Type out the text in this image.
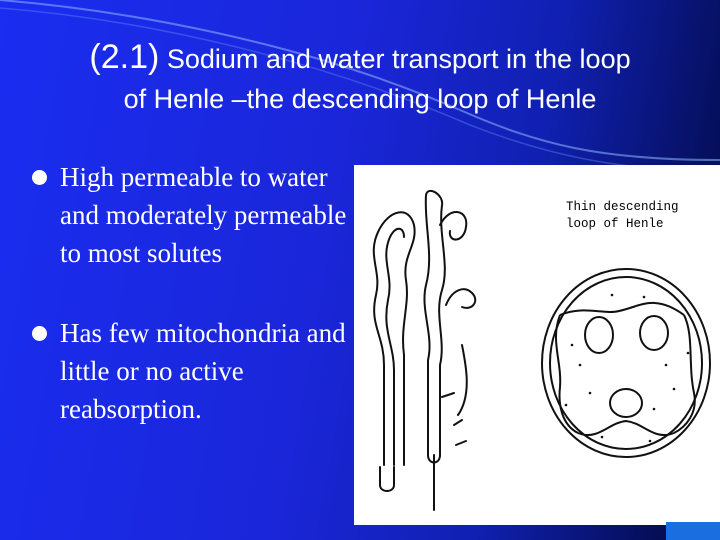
(2.1) Sodium and water transport in the loop
of Henle –the descending loop of Henle
High permeable to water and moderately permeable to most solutes
Has few mitochondria and little or no active reabsorption.
Thin descending
loop of Henle
